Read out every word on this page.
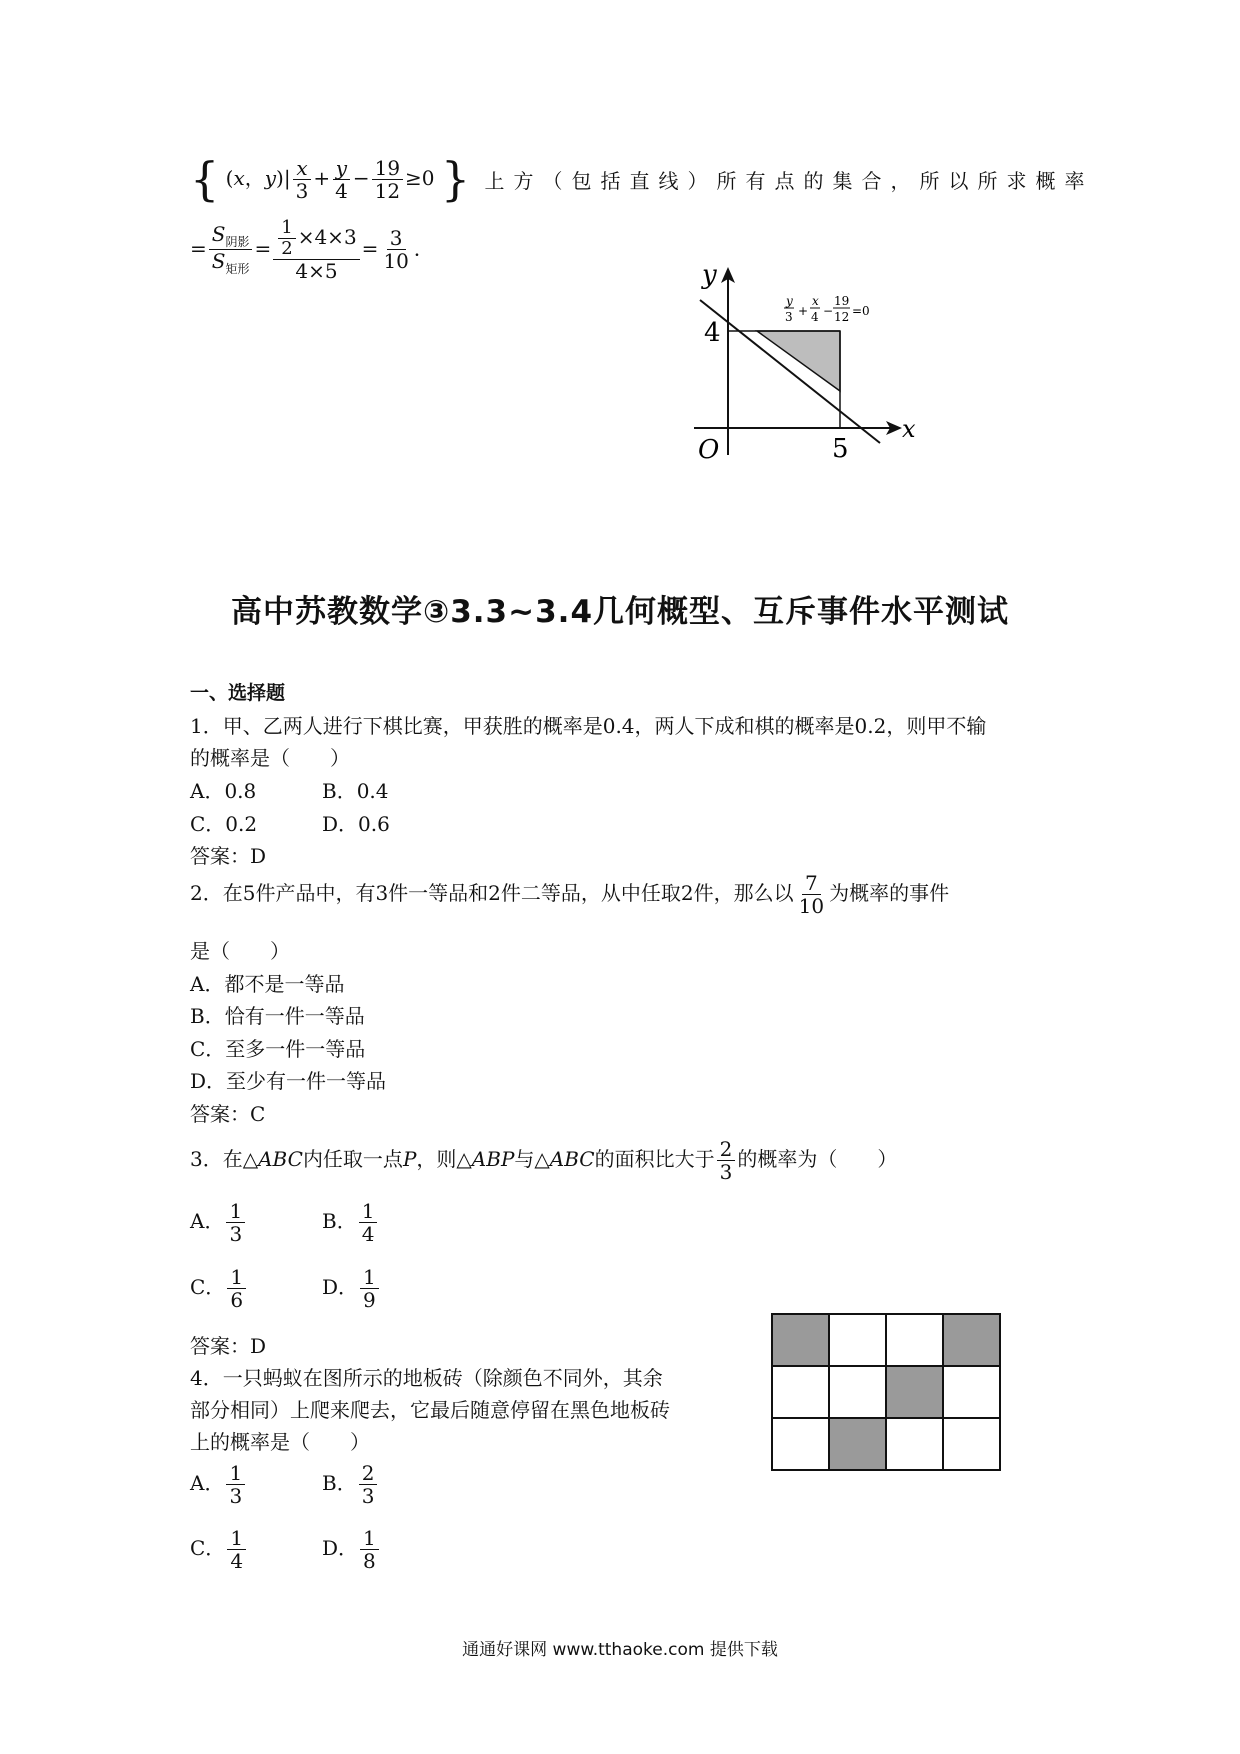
{ (x，$y)| \frac{x}{3} + \frac{y}{4} - \frac{19}{12} \ge 0$ } 上方（包括直线）所有点的集合，所以所求概率
= $\frac{S_{阴影}}{S_{矩形}} = \frac{\frac{1}{2} \times 4\times 3}{4\times 5} = \frac{3}{10}$ ．
y
x
O
4
5
y
3 +
x
4 −
19
12 =0
高中苏教数学③3.3~3.4几何概型、互斥事件水平测试
一、选择题
1．甲、乙两人进行下棋比赛，甲获胜的概率是0.4，两人下成和棋的概率是0.2，则甲不输
的概率是（　　）
A．0.8	B．0.4
C．0.2	D．0.6
答案：D
2．在5件产品中，有3件一等品和2件二等品，从中任取2件，那么以 $\frac{7}{10}$ 为概率的事件
是（　　）
A．都不是一等品
B．恰有一件一等品
C．至多一件一等品
D．至少有一件一等品
答案：C
3．在△ABC内任取一点P，则△ABP与△ABC的面积比大于 $\frac{2}{3}$ 的概率为（　　）
A． $\frac{1}{3}$	B． $\frac{1}{4}$
C． $\frac{1}{6}$	D． $\frac{1}{9}$
答案：D
4．一只蚂蚁在图所示的地板砖（除颜色不同外，其余
部分相同）上爬来爬去，它最后随意停留在黑色地板砖
上的概率是（　　）
A． $\frac{1}{3}$	B． $\frac{2}{3}$
C． $\frac{1}{4}$	D． $\frac{1}{8}$
通通好课网 www.tthaoke.com 提供下载
